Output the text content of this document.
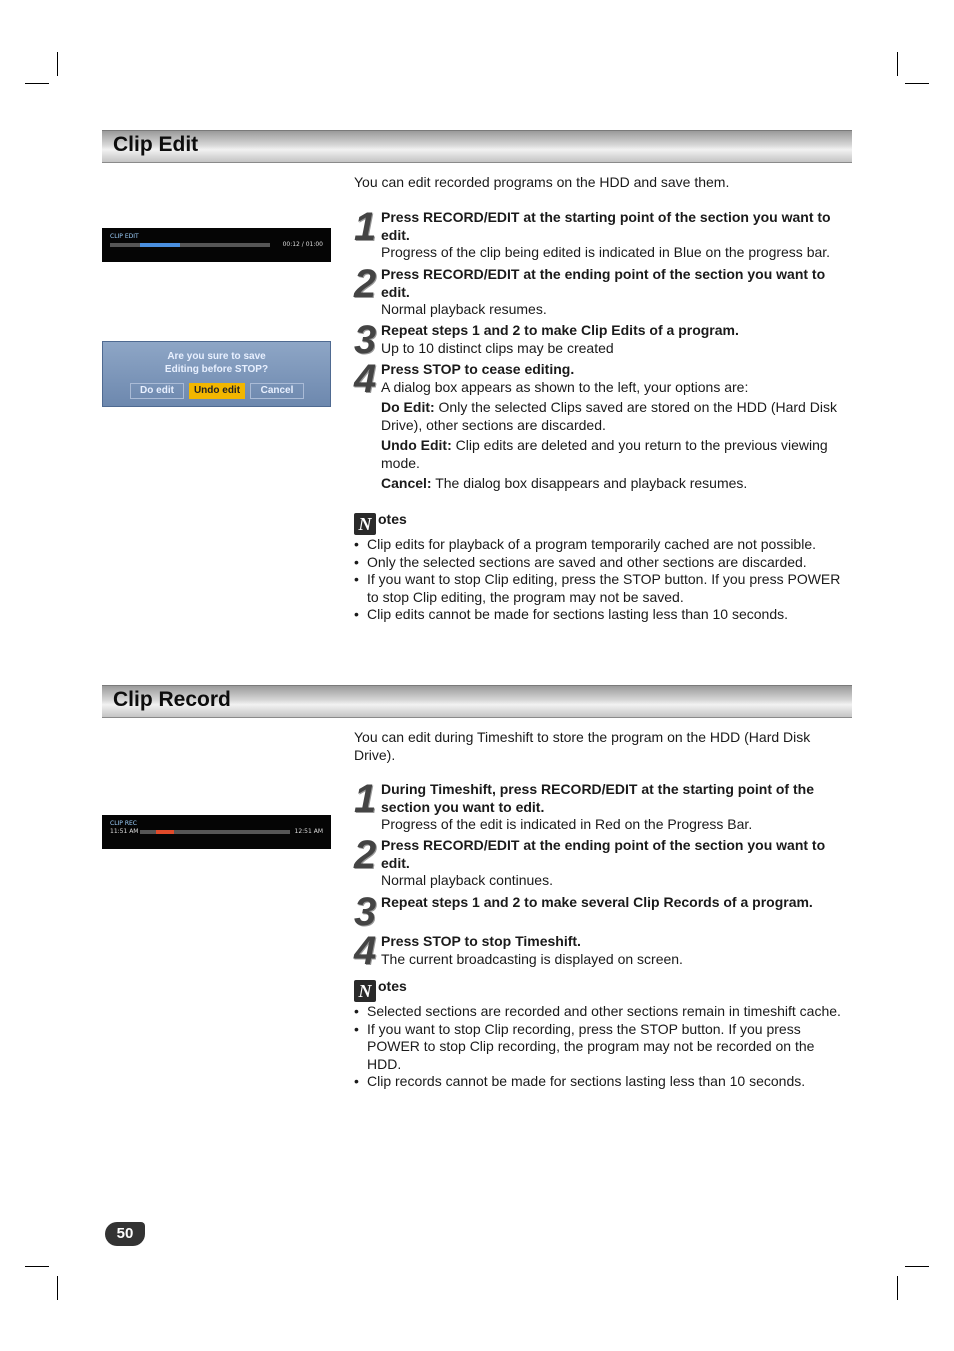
Clip Edit
You can edit recorded programs on the HDD and save them.
CLIP EDIT
00:12 / 01:00
Are you sure to save
Editing before STOP?
Do edit	Undo edit	Cancel
1 Press RECORD/EDIT at the starting point of the section you want to edit.
Progress of the clip being edited is indicated in Blue on the progress bar.
2 Press RECORD/EDIT at the ending point of the section you want to edit.
Normal playback resumes.
3 Repeat steps 1 and 2 to make Clip Edits of a program.
Up to 10 distinct clips may be created
4 Press STOP to cease editing.
A dialog box appears as shown to the left, your options are:
Do Edit: Only the selected Clips saved are stored on the HDD (Hard Disk Drive), other sections are discarded.
Undo Edit: Clip edits are deleted and you return to the previous viewing mode.
Cancel: The dialog box disappears and playback resumes.
N otes
• Clip edits for playback of a program temporarily cached are not possible.
• Only the selected sections are saved and other sections are discarded.
• If you want to stop Clip editing, press the STOP button. If you press POWER to stop Clip editing, the program may not be saved.
• Clip edits cannot be made for sections lasting less than 10 seconds.
Clip Record
You can edit during Timeshift to store the program on the HDD (Hard Disk Drive).
CLIP REC
11:51 AM	12:51 AM
1 During Timeshift, press RECORD/EDIT at the starting point of the section you want to edit.
Progress of the edit is indicated in Red on the Progress Bar.
2 Press RECORD/EDIT at the ending point of the section you want to edit.
Normal playback continues.
3 Repeat steps 1 and 2 to make several Clip Records of a program.
4 Press STOP to stop Timeshift.
The current broadcasting is displayed on screen.
N otes
• Selected sections are recorded and other sections remain in timeshift cache.
• If you want to stop Clip recording, press the STOP button. If you press POWER to stop Clip recording, the program may not be recorded on the HDD.
• Clip records cannot be made for sections lasting less than 10 seconds.
50
